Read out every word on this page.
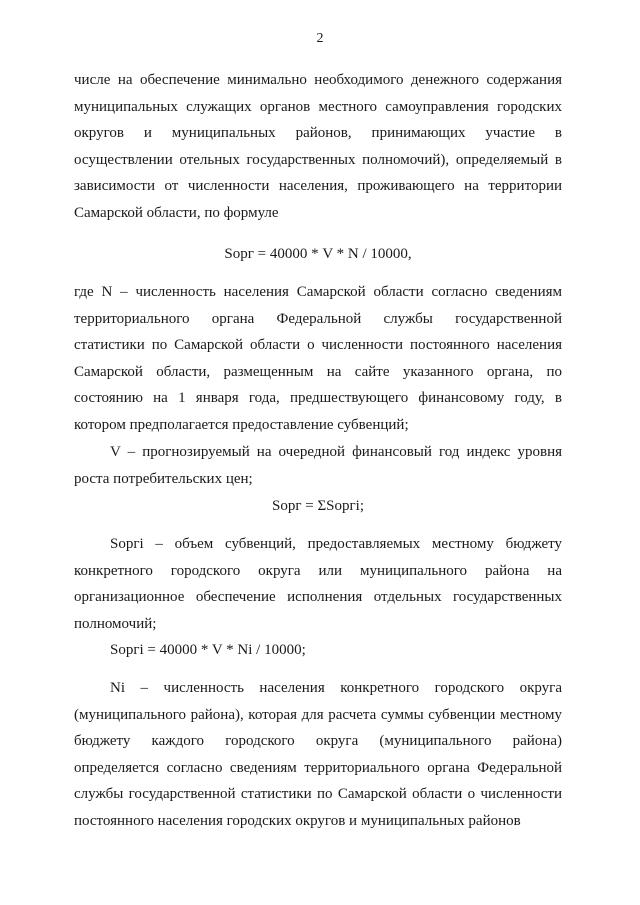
2

числе на обеспечение минимально необходимого денежного содержания муниципальных служащих органов местного самоуправления городских округов и муниципальных районов, принимающих участие в осуществлении отельных государственных полномочий), определяемый в зависимости от численности населения, проживающего на территории Самарской области, по формуле

Sорг = 40000 * V * N / 10000,

где N – численность населения Самарской области согласно сведениям территориального органа Федеральной службы государственной статистики по Самарской области о численности постоянного населения Самарской области, размещенным на сайте указанного органа, по состоянию на 1 января года, предшествующего финансовому году, в котором предполагается предоставление субвенций;

V – прогнозируемый на очередной финансовый год индекс уровня роста потребительских цен;

Sорг = ΣSоргi;

Sоргi – объем субвенций, предоставляемых местному бюджету конкретного городского округа или муниципального района на организационное обеспечение исполнения отдельных государственных полномочий;

Sоргi = 40000 * V * Ni / 10000;

Ni – численность населения конкретного городского округа (муниципального района), которая для расчета суммы субвенции местному бюджету каждого городского округа (муниципального района) определяется согласно сведениям территориального органа Федеральной службы государственной статистики по Самарской области о численности постоянного населения городских округов и муниципальных районов
